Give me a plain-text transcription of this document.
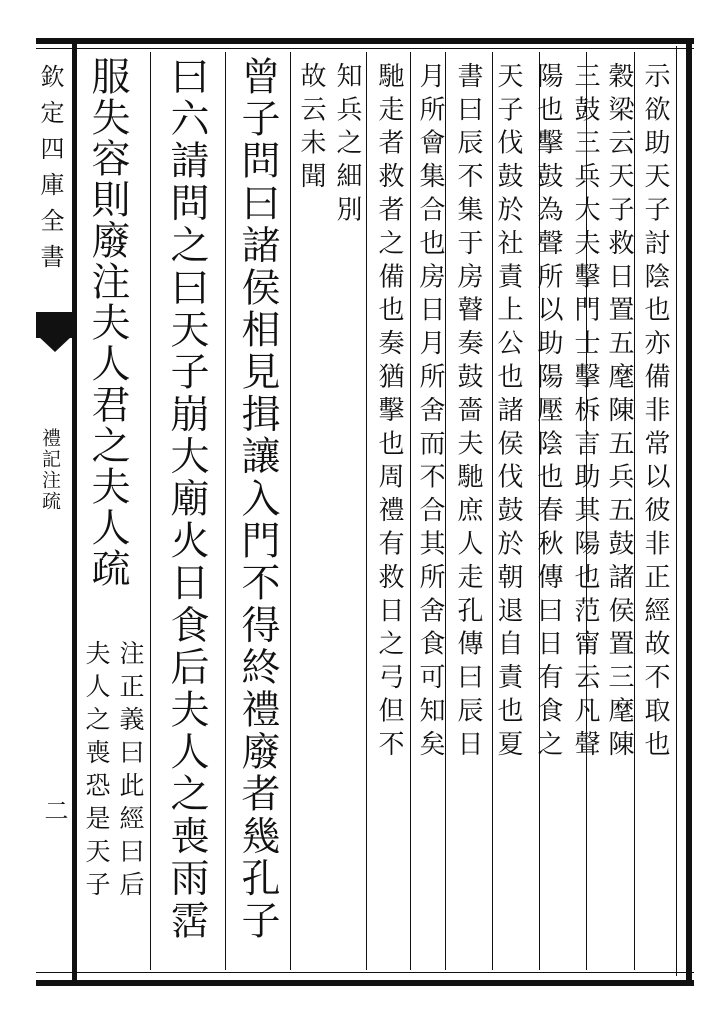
欽定四庫全書
禮記注疏
二
示欲助天子討陰也亦備非常以彼非正經故不取也
穀梁云天子救日置五麾陳五兵五鼓諸侯置三麾陳
三鼓三兵大夫擊門士擊柝言助其陽也范甯云凡聲
陽也擊鼓為聲所以助陽壓陰也春秋傳曰日有食之
天子伐鼓於社責上公也諸侯伐鼓於朝退自責也夏
書曰辰不集于房瞽奏鼓嗇夫馳庶人走孔傳曰辰日
月所會集合也房日月所舍而不合其所舍食可知矣
馳走者救者之備也奏猶擊也周禮有救日之弓但不
知兵之細別
故云未聞
曾子問曰諸侯相見揖讓入門不得終禮廢者幾孔子
曰六請問之曰天子崩大廟火日食后夫人之喪雨霑
服失容則廢注夫人君之夫人疏
注正義曰此經曰后
夫人之喪恐是天子
